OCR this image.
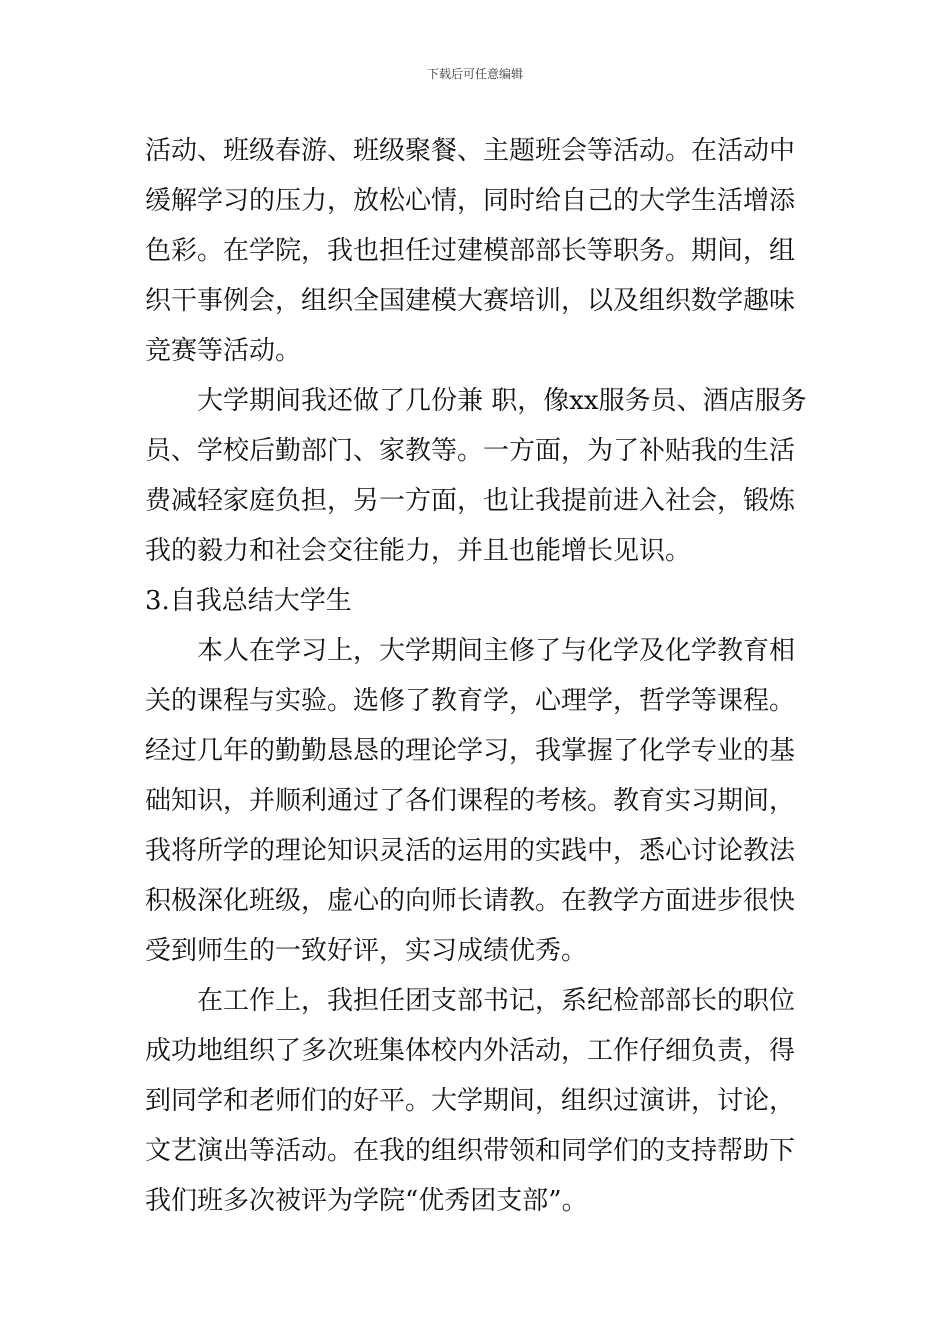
下载后可任意编辑
活动、班级春游、班级聚餐、主题班会等活动。在活动中
缓解学习的压力，放松心情，同时给自己的大学生活增添
色彩。在学院，我也担任过建模部部长等职务。期间，组
织干事例会，组织全国建模大赛培训，以及组织数学趣味
竞赛等活动。
大学期间我还做了几份兼 职，像xx服务员、酒店服务
员、学校后勤部门、家教等。一方面，为了补贴我的生活
费减轻家庭负担，另一方面，也让我提前进入社会，锻炼
我的毅力和社会交往能力，并且也能增长见识。
3.自我总结大学生
本人在学习上，大学期间主修了与化学及化学教育相
关的课程与实验。选修了教育学，心理学，哲学等课程。
经过几年的勤勤恳恳的理论学习，我掌握了化学专业的基
础知识，并顺利通过了各们课程的考核。教育实习期间，
我将所学的理论知识灵活的运用的实践中，悉心讨论教法
积极深化班级，虚心的向师长请教。在教学方面进步很快
受到师生的一致好评，实习成绩优秀。
在工作上，我担任团支部书记，系纪检部部长的职位
成功地组织了多次班集体校内外活动，工作仔细负责，得
到同学和老师们的好平。大学期间，组织过演讲，讨论，
文艺演出等活动。在我的组织带领和同学们的支持帮助下
我们班多次被评为学院“优秀团支部”。
